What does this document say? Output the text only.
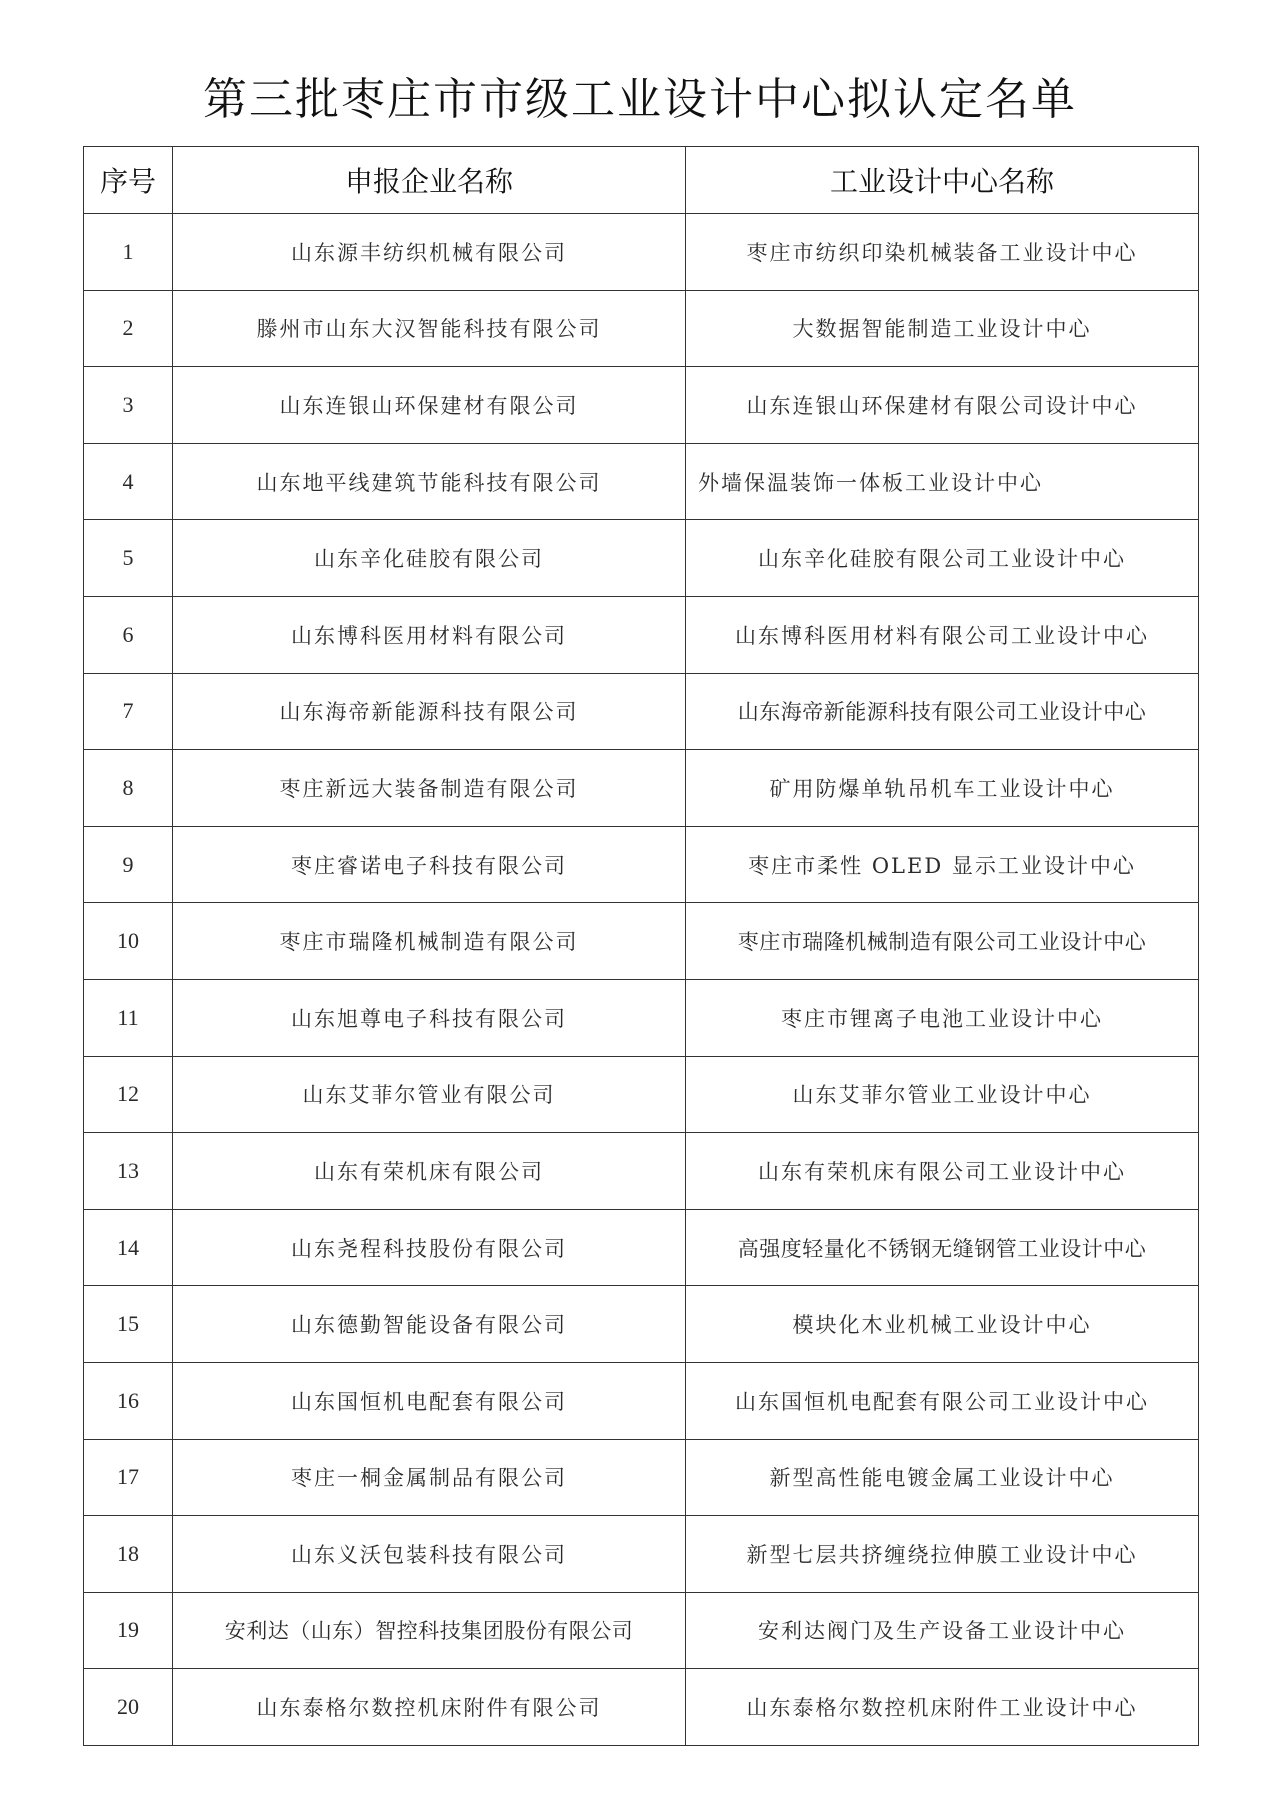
第三批枣庄市市级工业设计中心拟认定名单
序号	申报企业名称	工业设计中心名称
1	山东源丰纺织机械有限公司	枣庄市纺织印染机械装备工业设计中心
2	滕州市山东大汉智能科技有限公司	大数据智能制造工业设计中心
3	山东连银山环保建材有限公司	山东连银山环保建材有限公司设计中心
4	山东地平线建筑节能科技有限公司	外墙保温装饰一体板工业设计中心
5	山东辛化硅胶有限公司	山东辛化硅胶有限公司工业设计中心
6	山东博科医用材料有限公司	山东博科医用材料有限公司工业设计中心
7	山东海帝新能源科技有限公司	山东海帝新能源科技有限公司工业设计中心
8	枣庄新远大装备制造有限公司	矿用防爆单轨吊机车工业设计中心
9	枣庄睿诺电子科技有限公司	枣庄市柔性 OLED 显示工业设计中心
10	枣庄市瑞隆机械制造有限公司	枣庄市瑞隆机械制造有限公司工业设计中心
11	山东旭尊电子科技有限公司	枣庄市锂离子电池工业设计中心
12	山东艾菲尔管业有限公司	山东艾菲尔管业工业设计中心
13	山东有荣机床有限公司	山东有荣机床有限公司工业设计中心
14	山东尧程科技股份有限公司	高强度轻量化不锈钢无缝钢管工业设计中心
15	山东德勤智能设备有限公司	模块化木业机械工业设计中心
16	山东国恒机电配套有限公司	山东国恒机电配套有限公司工业设计中心
17	枣庄一桐金属制品有限公司	新型高性能电镀金属工业设计中心
18	山东义沃包装科技有限公司	新型七层共挤缠绕拉伸膜工业设计中心
19	安利达（山东）智控科技集团股份有限公司	安利达阀门及生产设备工业设计中心
20	山东泰格尔数控机床附件有限公司	山东泰格尔数控机床附件工业设计中心
